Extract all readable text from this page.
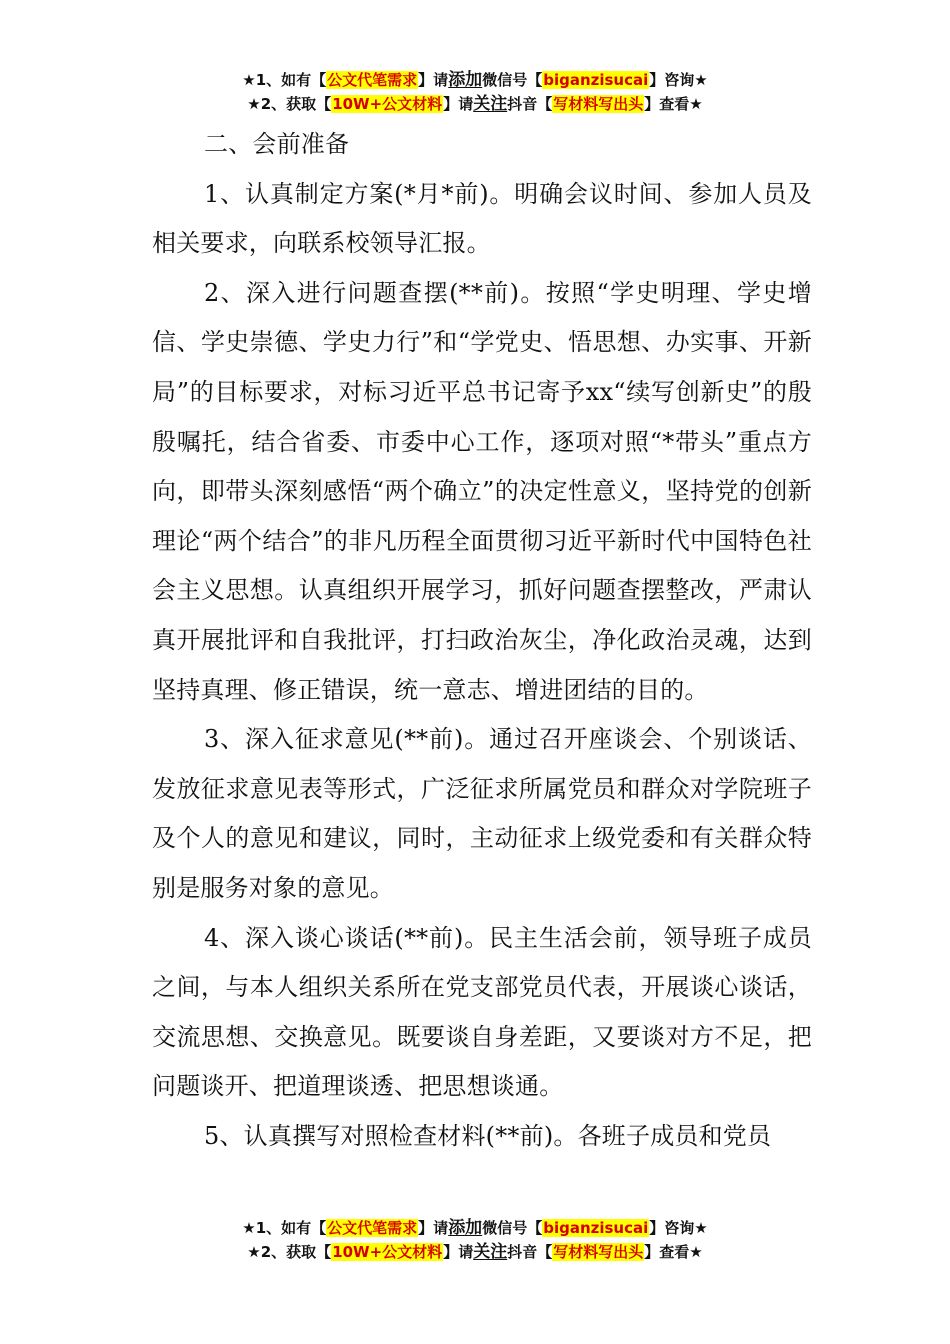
★1、如有【公文代笔需求】请添加微信号【biganzisucai】咨询★
★2、获取【10W+公文材料】请关注抖音【写材料写出头】查看★

二、会前准备

1、认真制定方案(*月*前)。明确会议时间、参加人员及相关要求，向联系校领导汇报。

2、深入进行问题查摆(**前)。按照“学史明理、学史增信、学史崇德、学史力行”和“学党史、悟思想、办实事、开新局”的目标要求，对标习近平总书记寄予xx“续写创新史”的殷殷嘱托，结合省委、市委中心工作，逐项对照“*带头”重点方向，即带头深刻感悟“两个确立”的决定性意义，坚持党的创新理论“两个结合”的非凡历程全面贯彻习近平新时代中国特色社会主义思想。认真组织开展学习，抓好问题查摆整改，严肃认真开展批评和自我批评，打扫政治灰尘，净化政治灵魂，达到坚持真理、修正错误，统一意志、增进团结的目的。

3、深入征求意见(**前)。通过召开座谈会、个别谈话、发放征求意见表等形式，广泛征求所属党员和群众对学院班子及个人的意见和建议，同时，主动征求上级党委和有关群众特别是服务对象的意见。

4、深入谈心谈话(**前)。民主生活会前，领导班子成员之间，与本人组织关系所在党支部党员代表，开展谈心谈话，交流思想、交换意见。既要谈自身差距，又要谈对方不足，把问题谈开、把道理谈透、把思想谈通。

5、认真撰写对照检查材料(**前)。各班子成员和党员

★1、如有【公文代笔需求】请添加微信号【biganzisucai】咨询★
★2、获取【10W+公文材料】请关注抖音【写材料写出头】查看★
